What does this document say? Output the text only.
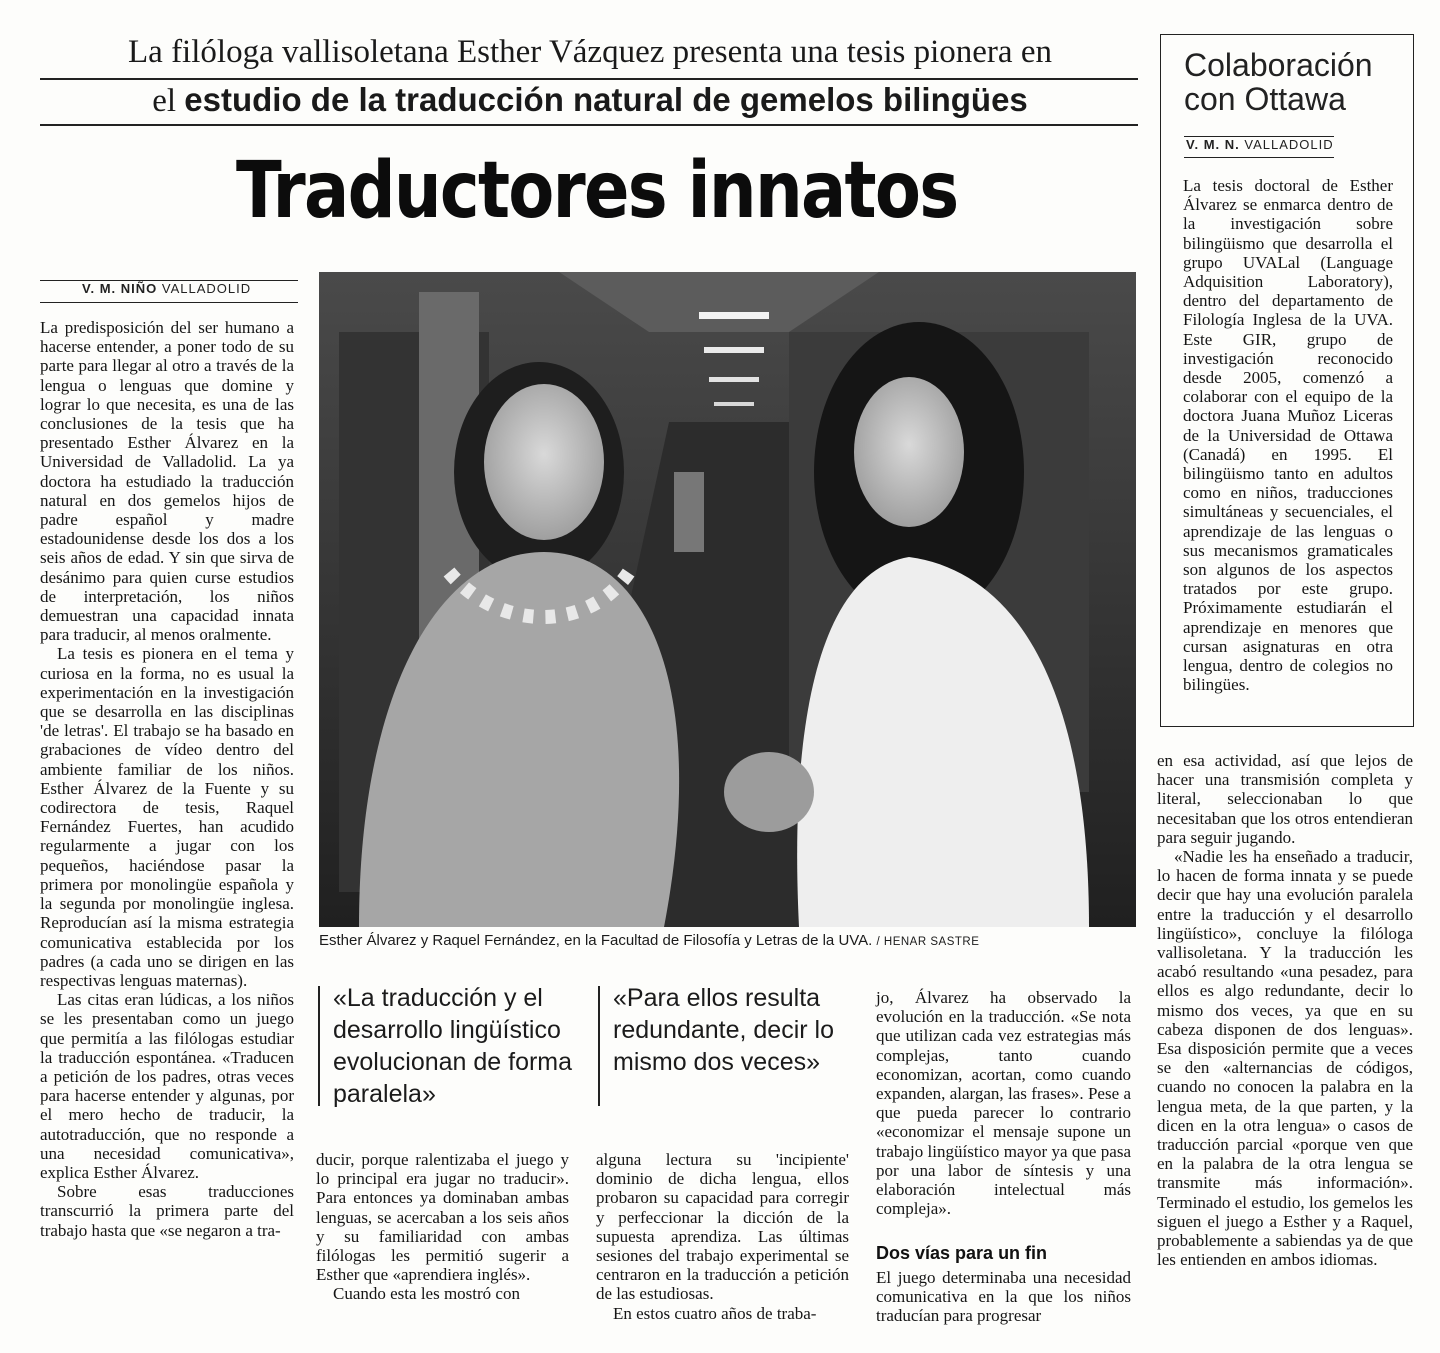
La filóloga vallisoletana Esther Vázquez presenta una tesis pionera en
el estudio de la traducción natural de gemelos bilingües
Traductores innatos
V. M. NIÑO VALLADOLID

La predisposición del ser humano a hacerse entender, a poner todo de su parte para llegar al otro a través de la lengua o lenguas que domine y lograr lo que necesita, es una de las conclusiones de la tesis que ha presentado Esther Álvarez en la Universidad de Valladolid. La ya doctora ha estudiado la traducción natural en dos gemelos hijos de padre español y madre estadounidense desde los dos a los seis años de edad. Y sin que sirva de desánimo para quien curse estudios de interpretación, los niños demuestran una capacidad innata para traducir, al menos oralmente.

La tesis es pionera en el tema y curiosa en la forma, no es usual la experimentación en la investigación que se desarrolla en las disciplinas 'de letras'. El trabajo se ha basado en grabaciones de vídeo dentro del ambiente familiar de los niños. Esther Álvarez de la Fuente y su codirectora de tesis, Raquel Fernández Fuertes, han acudido regularmente a jugar con los pequeños, haciéndose pasar la primera por monolingüe española y la segunda por monolingüe inglesa. Reproducían así la misma estrategia comunicativa establecida por los padres (a cada uno se dirigen en las respectivas lenguas maternas).

Las citas eran lúdicas, a los niños se les presentaban como un juego que permitía a las filólogas estudiar la traducción espontánea. «Traducen a petición de los padres, otras veces para hacerse entender y algunas, por el mero hecho de traducir, la autotraducción, que no responde a una necesidad comunicativa», explica Esther Álvarez.

Sobre esas traducciones transcurrió la primera parte del trabajo hasta que «se negaron a tra-

Esther Álvarez y Raquel Fernández, en la Facultad de Filosofía y Letras de la UVA. / HENAR SASTRE
«La traducción y el desarrollo lingüístico evolucionan de forma paralela»
«Para ellos resulta redundante, decir lo mismo dos veces»

ducir, porque ralentizaba el juego y lo principal era jugar no traducir». Para entonces ya dominaban ambas lenguas, se acercaban a los seis años y su familiaridad con ambas filólogas les permitió sugerir a Esther que «aprendiera inglés».

Cuando esta les mostró con

alguna lectura su 'incipiente' dominio de dicha lengua, ellos probaron su capacidad para corregir y perfeccionar la dicción de la supuesta aprendiza. Las últimas sesiones del trabajo experimental se centraron en la traducción a petición de las estudiosas.

En estos cuatro años de traba-

jo, Álvarez ha observado la evolución en la traducción. «Se nota que utilizan cada vez estrategias más complejas, tanto cuando economizan, acortan, como cuando expanden, alargan, las frases». Pese a que pueda parecer lo contrario «economizar el mensaje supone un trabajo lingüístico mayor ya que pasa por una labor de síntesis y una elaboración intelectual más compleja».

Dos vías para un fin

El juego determinaba una necesidad comunicativa en la que los niños traducían para progresar

en esa actividad, así que lejos de hacer una transmisión completa y literal, seleccionaban lo que necesitaban que los otros entendieran para seguir jugando.

«Nadie les ha enseñado a traducir, lo hacen de forma innata y se puede decir que hay una evolución paralela entre la traducción y el desarrollo lingüístico», concluye la filóloga vallisoletana. Y la traducción les acabó resultando «una pesadez, para ellos es algo redundante, decir lo mismo dos veces, ya que en su cabeza disponen de dos lenguas». Esa disposición permite que a veces se den «alternancias de códigos, cuando no conocen la palabra en la lengua meta, de la que parten, y la dicen en la otra lengua» o casos de traducción parcial «porque ven que en la palabra de la otra lengua se transmite más información». Terminado el estudio, los gemelos les siguen el juego a Esther y a Raquel, probablemente a sabiendas ya de que les entienden en ambos idiomas.

Colaboración
con Ottawa
V. M. N. VALLADOLID

La tesis doctoral de Esther Álvarez se enmarca dentro de la investigación sobre bilingüismo que desarrolla el grupo UVALal (Language Adquisition Laboratory), dentro del departamento de Filología Inglesa de la UVA. Este GIR, grupo de investigación reconocido desde 2005, comenzó a colaborar con el equipo de la doctora Juana Muñoz Liceras de la Universidad de Ottawa (Canadá) en 1995. El bilingüismo tanto en adultos como en niños, traducciones simultáneas y secuenciales, el aprendizaje de las lenguas o sus mecanismos gramaticales son algunos de los aspectos tratados por este grupo. Próximamente estudiarán el aprendizaje en menores que cursan asignaturas en otra lengua, dentro de colegios no bilingües.
